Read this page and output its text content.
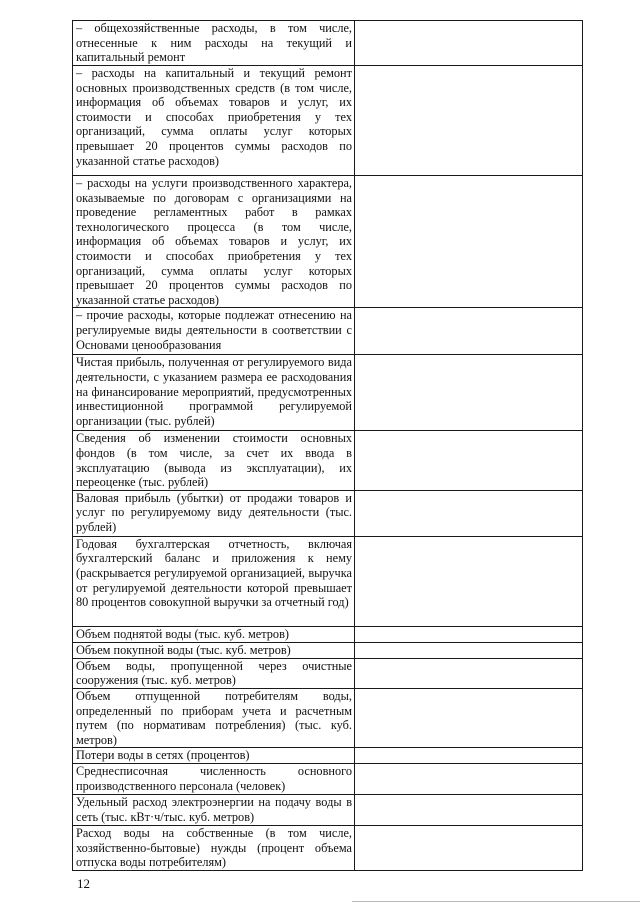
– общехозяйственные расходы, в том числе, отнесенные к ним расходы на текущий и капитальный ремонт	
– расходы на капитальный и текущий ремонт основных производственных средств (в том числе, информация об объемах товаров и услуг, их стоимости и способах приобретения у тех организаций, сумма оплаты услуг которых превышает 20 процентов суммы расходов по указанной статье расходов)	
– расходы на услуги производственного характера, оказываемые по договорам с организациями на проведение регламентных работ в рамках технологического процесса (в том числе, информация об объемах товаров и услуг, их стоимости и способах приобретения у тех организаций, сумма оплаты услуг которых превышает 20 процентов суммы расходов по указанной статье расходов)	
– прочие расходы, которые подлежат отнесению на регулируемые виды деятельности в соответствии с Основами ценообразования	
Чистая прибыль, полученная от регулируемого вида деятельности, с указанием размера ее расходования на финансирование мероприятий, предусмотренных инвестиционной программой регулируемой организации (тыс. рублей)	
Сведения об изменении стоимости основных фондов (в том числе, за счет их ввода в эксплуатацию (вывода из эксплуатации), их переоценке (тыс. рублей)	
Валовая прибыль (убытки) от продажи товаров и услуг по регулируемому виду деятельности (тыс. рублей)	
Годовая бухгалтерская отчетность, включая бухгалтерский баланс и приложения к нему (раскрывается регулируемой организацией, выручка от регулируемой деятельности которой превышает 80 процентов совокупной выручки за отчетный год)	
Объем поднятой воды (тыс. куб. метров)	
Объем покупной воды (тыс. куб. метров)	
Объем воды, пропущенной через очистные сооружения (тыс. куб. метров)	
Объем отпущенной потребителям воды, определенный по приборам учета и расчетным путем (по нормативам потребления) (тыс. куб. метров)	
Потери воды в сетях (процентов)	
Среднесписочная численность основного производственного персонала (человек)	
Удельный расход электроэнергии на подачу воды в сеть (тыс. кВт·ч/тыс. куб. метров)	
Расход воды на собственные (в том числе, хозяйственно-бытовые) нужды (процент объема отпуска воды потребителям)	
12
